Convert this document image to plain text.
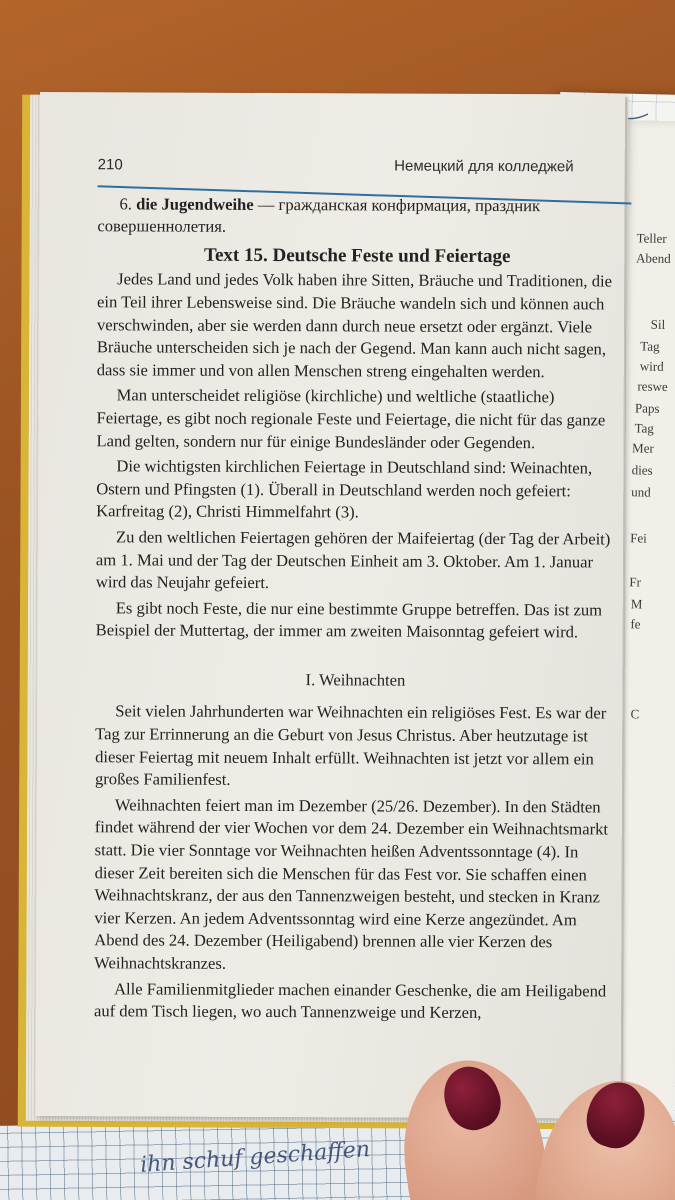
Teller
Abend
Sil
Tag
wird
reswe
Paps
Tag
Mer
dies
und
Fei
Fr
M
fe
C
ihn schuf geschaffen
210	Немецкий для колледжей

6. die Jugendweihe — гражданская конфирмация, праздник совершеннолетия.

Text 15. Deutsche Feste und Feiertage

Jedes Land und jedes Volk haben ihre Sitten, Bräuche und Traditionen, die ein Teil ihrer Lebensweise sind. Die Bräuche wandeln sich und können auch verschwinden, aber sie werden dann durch neue ersetzt oder ergänzt. Viele Bräuche unterscheiden sich je nach der Gegend. Man kann auch nicht sagen, dass sie immer und von allen Menschen streng eingehalten werden.

Man unterscheidet religiöse (kirchliche) und weltliche (staatliche) Feiertage, es gibt noch regionale Feste und Feiertage, die nicht für das ganze Land gelten, sondern nur für einige Bundesländer oder Gegenden.

Die wichtigsten kirchlichen Feiertage in Deutschland sind: Weinachten, Ostern und Pfingsten (1). Überall in Deutschland werden noch gefeiert: Karfreitag (2), Christi Himmelfahrt (3).

Zu den weltlichen Feiertagen gehören der Maifeiertag (der Tag der Arbeit) am 1. Mai und der Tag der Deutschen Einheit am 3. Oktober. Am 1. Januar wird das Neujahr gefeiert.

Es gibt noch Feste, die nur eine bestimmte Gruppe betreffen. Das ist zum Beispiel der Muttertag, der immer am zweiten Maisonntag gefeiert wird.

I. Weihnachten

Seit vielen Jahrhunderten war Weihnachten ein religiöses Fest. Es war der Tag zur Errinnerung an die Geburt von Jesus Christus. Aber heutzutage ist dieser Feiertag mit neuem Inhalt erfüllt. Weihnachten ist jetzt vor allem ein großes Familienfest.

Weihnachten feiert man im Dezember (25/26. Dezember). In den Städten findet während der vier Wochen vor dem 24. Dezember ein Weihnachtsmarkt statt. Die vier Sonntage vor Weihnachten heißen Adventssonntage (4). In dieser Zeit bereiten sich die Menschen für das Fest vor. Sie schaffen einen Weihnachtskranz, der aus den Tannenzweigen besteht, und stecken in Kranz vier Kerzen. An jedem Adventssonntag wird eine Kerze angezündet. Am Abend des 24. Dezember (Heiligabend) brennen alle vier Kerzen des Weihnachtskranzes.

Alle Familienmitglieder machen einander Geschenke, die am Heiligabend auf dem Tisch liegen, wo auch Tannenzweige und Kerzen,
